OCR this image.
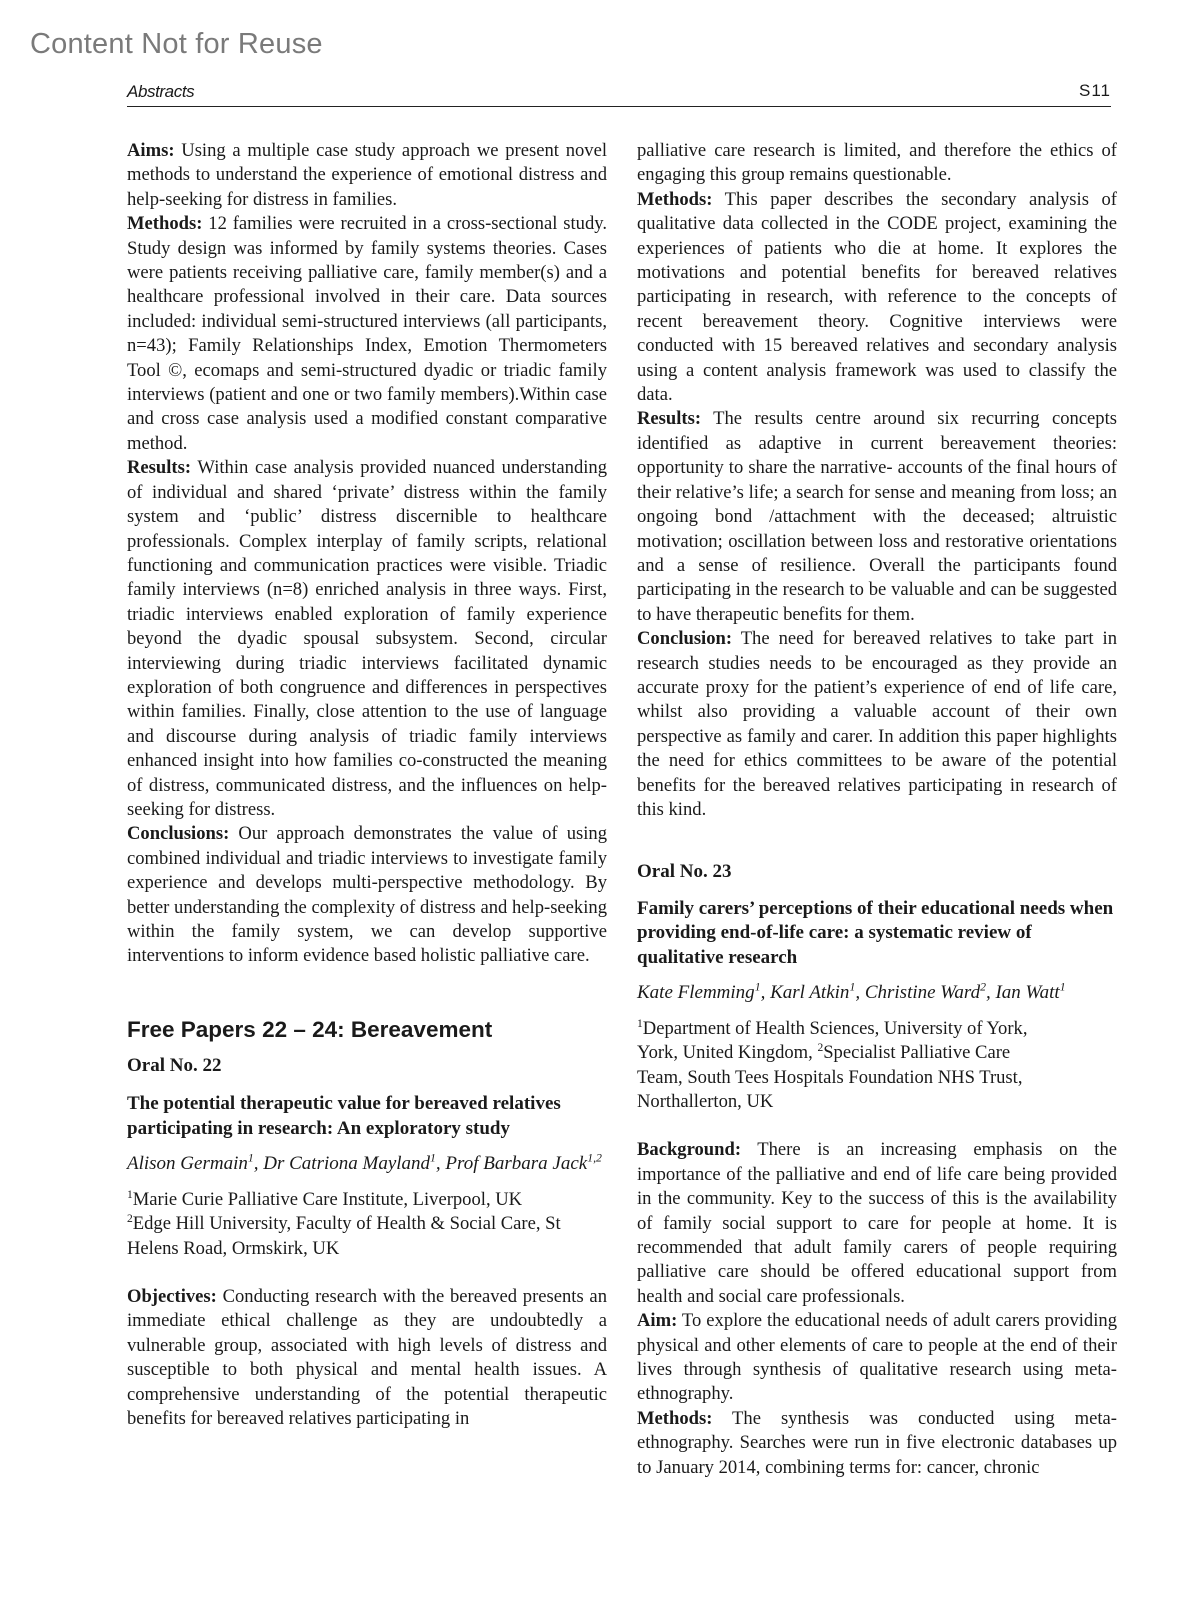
Content Not for Reuse
Abstracts	S11

Aims: Using a multiple case study approach we present novel methods to understand the experience of emotional distress and help-seeking for distress in families.

Methods: 12 families were recruited in a cross-sectional study. Study design was informed by family systems theories. Cases were patients receiving palliative care, family member(s) and a healthcare professional involved in their care. Data sources included: individual semi-structured interviews (all participants, n=43); Family Relationships Index, Emotion Thermometers Tool ©, ecomaps and semi-structured dyadic or triadic family interviews (patient and one or two family members).Within case and cross case analysis used a modified constant comparative method.

Results: Within case analysis provided nuanced understanding of individual and shared ‘private’ distress within the family system and ‘public’ distress discernible to healthcare professionals. Complex interplay of family scripts, relational functioning and communication practices were visible. Triadic family interviews (n=8) enriched analysis in three ways. First, triadic interviews enabled exploration of family experience beyond the dyadic spousal subsystem. Second, circular interviewing during triadic interviews facilitated dynamic exploration of both congruence and differences in perspectives within families. Finally, close attention to the use of language and discourse during analysis of triadic family interviews enhanced insight into how families co-constructed the meaning of distress, communicated distress, and the influences on help-seeking for distress.

Conclusions: Our approach demonstrates the value of using combined individual and triadic interviews to investigate family experience and develops multi-perspective methodology. By better understanding the complexity of distress and help-seeking within the family system, we can develop supportive interventions to inform evidence based holistic palliative care.

Free Papers 22 – 24: Bereavement

Oral No. 22

The potential therapeutic value for bereaved relatives participating in research: An exploratory study

Alison Germain$^1$, Dr Catriona Mayland$^1$, Prof Barbara Jack$^{1,2}$

$^1$Marie Curie Palliative Care Institute, Liverpool, UK
$^2$Edge Hill University, Faculty of Health & Social Care, St Helens Road, Ormskirk, UK

Objectives: Conducting research with the bereaved presents an immediate ethical challenge as they are undoubtedly a vulnerable group, associated with high levels of distress and susceptible to both physical and mental health issues. A comprehensive understanding of the potential therapeutic benefits for bereaved relatives participating in

palliative care research is limited, and therefore the ethics of engaging this group remains questionable.

Methods: This paper describes the secondary analysis of qualitative data collected in the CODE project, examining the experiences of patients who die at home. It explores the motivations and potential benefits for bereaved relatives participating in research, with reference to the concepts of recent bereavement theory. Cognitive interviews were conducted with 15 bereaved relatives and secondary analysis using a content analysis framework was used to classify the data.

Results: The results centre around six recurring concepts identified as adaptive in current bereavement theories: opportunity to share the narrative- accounts of the final hours of their relative’s life; a search for sense and meaning from loss; an ongoing bond /attachment with the deceased; altruistic motivation; oscillation between loss and restorative orientations and a sense of resilience. Overall the participants found participating in the research to be valuable and can be suggested to have therapeutic benefits for them.

Conclusion: The need for bereaved relatives to take part in research studies needs to be encouraged as they provide an accurate proxy for the patient’s experience of end of life care, whilst also providing a valuable account of their own perspective as family and carer. In addition this paper highlights the need for ethics committees to be aware of the potential benefits for the bereaved relatives participating in research of this kind.

Oral No. 23

Family carers’ perceptions of their educational needs when providing end-of-life care: a systematic review of qualitative research

Kate Flemming$^1$, Karl Atkin$^1$, Christine Ward$^2$, Ian Watt$^1$

$^1$Department of Health Sciences, University of York,
York, United Kingdom, $^2$Specialist Palliative Care
Team, South Tees Hospitals Foundation NHS Trust,
Northallerton, UK

Background: There is an increasing emphasis on the importance of the palliative and end of life care being provided in the community. Key to the success of this is the availability of family social support to care for people at home. It is recommended that adult family carers of people requiring palliative care should be offered educational support from health and social care professionals.

Aim: To explore the educational needs of adult carers providing physical and other elements of care to people at the end of their lives through synthesis of qualitative research using meta-ethnography.

Methods: The synthesis was conducted using meta-ethnography. Searches were run in five electronic databases up to January 2014, combining terms for: cancer, chronic
